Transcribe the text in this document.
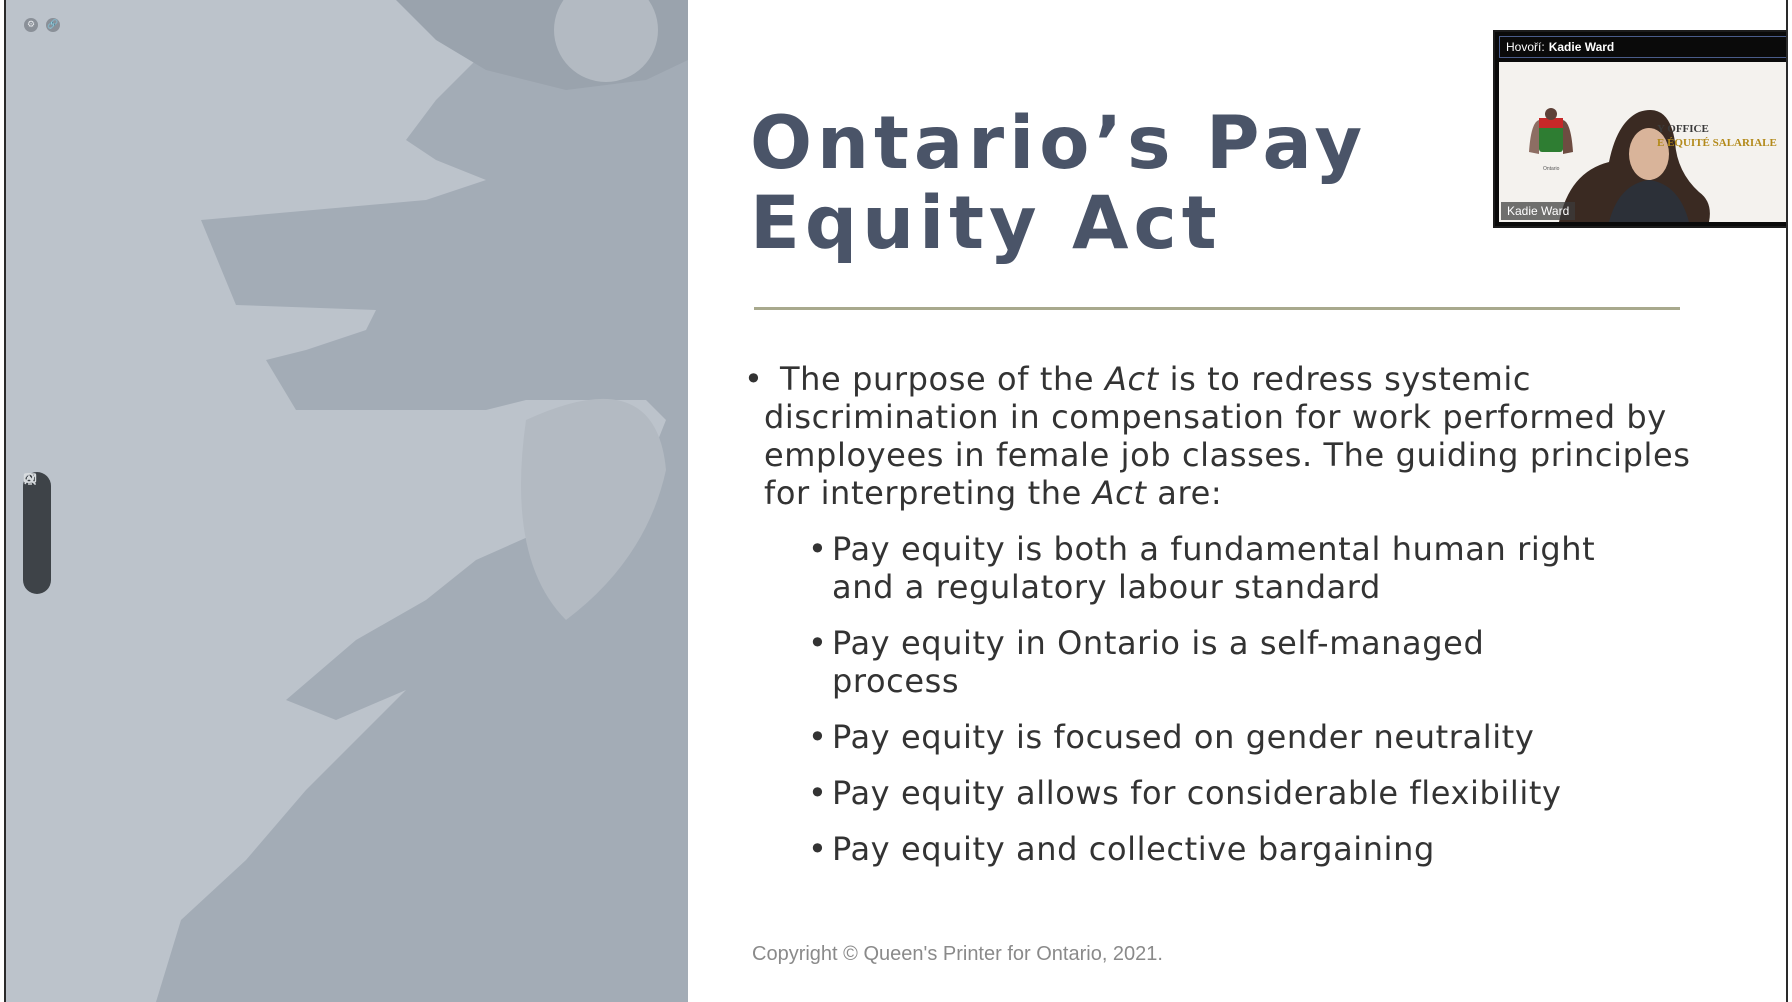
⚙	🔗
Ontario’s Pay
Equity Act

• The purpose of the Act is to redress systemic discrimination in compensation for work performed by employees in female job classes. The guiding principles for interpreting the Act are:

• Pay equity is both a fundamental human right and a regulatory labour standard
• Pay equity in Ontario is a self-managed process
• Pay equity is focused on gender neutrality
• Pay equity allows for considerable flexibility
• Pay equity and collective bargaining

Copyright © Queen's Printer for Ontario, 2021.

Hovoří: Kadie Ward
Ontario
Y OFFICE
E ÉQUITÉ SALARIALE
Kadie Ward
